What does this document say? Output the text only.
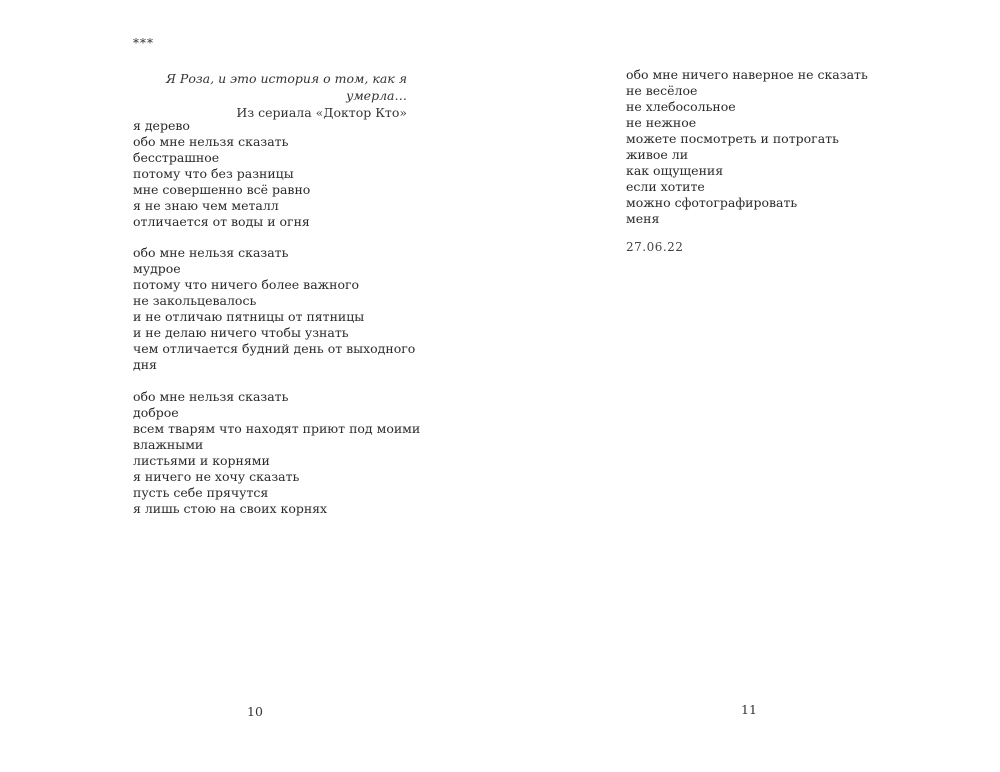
***
Я Роза, и это история о том, как я умерла…
Из сериала «Доктор Кто»
я дерево
обо мне нельзя сказать
бесстрашное
потому что без разницы
мне совершенно всё равно
я не знаю чем металл
отличается от воды и огня
обо мне нельзя сказать
мудрое
потому что ничего более важного
не закольцевалось
и не отличаю пятницы от пятницы
и не делаю ничего чтобы узнать
чем отличается будний день от выходного
дня
обо мне нельзя сказать
доброе
всем тварям что находят приют под моими
влажными
листьями и корнями
я ничего не хочу сказать
пусть себе прячутся
я лишь стою на своих корнях
10
обо мне ничего наверное не сказать
не весёлое
не хлебосольное
не нежное
можете посмотреть и потрогать
живое ли
как ощущения
если хотите
можно сфотографировать
меня
27.06.22
11
